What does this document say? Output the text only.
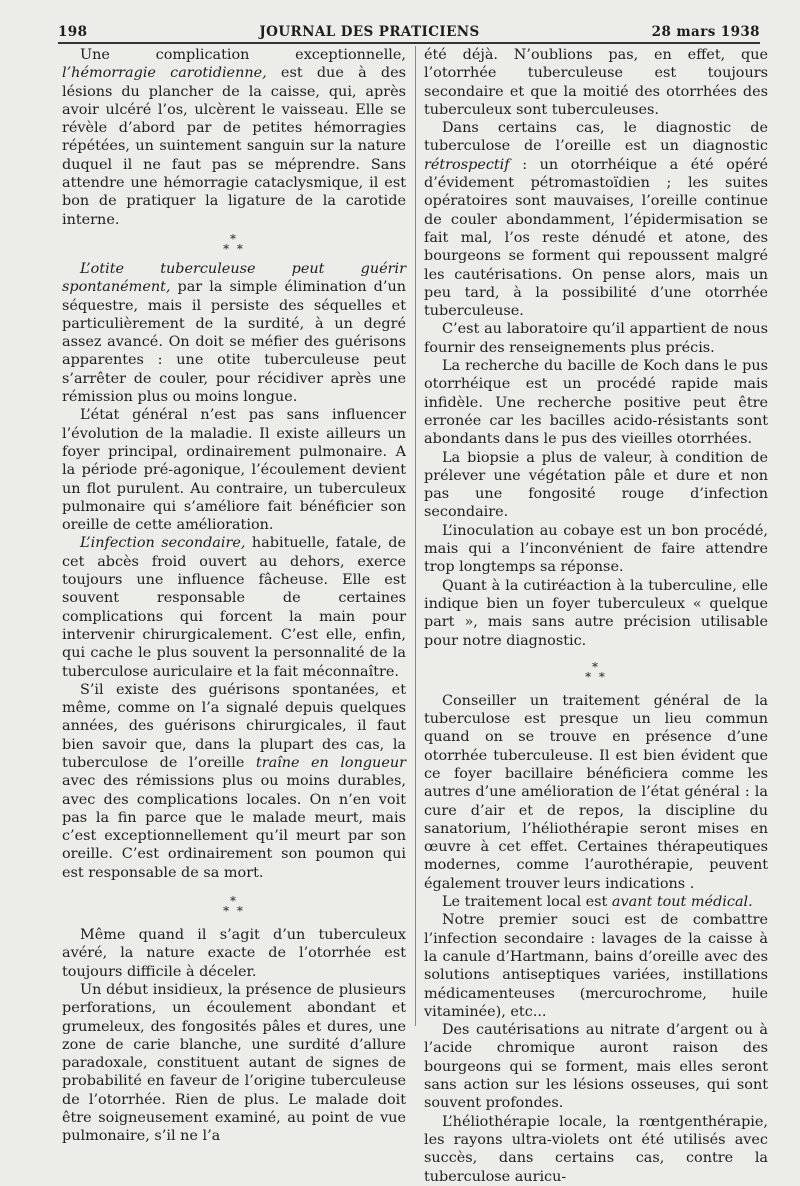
198	JOURNAL DES PRATICIENS	28 mars 1938

Une complication exceptionnelle, l’hémorragie carotidienne, est due à des lésions du plancher de la caisse, qui, après avoir ulcéré l’os, ulcèrent le vaisseau. Elle se révèle d’abord par de petites hémorragies répétées, un suintement sanguin sur la nature duquel il ne faut pas se méprendre. Sans attendre une hémorragie cataclysmique, il est bon de pratiquer la ligature de la carotide interne.

*
* *

L’otite tuberculeuse peut guérir spontanément, par la simple élimination d’un séquestre, mais il persiste des séquelles et particulièrement de la surdité, à un degré assez avancé. On doit se méfier des guérisons apparentes : une otite tuberculeuse peut s’arrêter de couler, pour récidiver après une rémission plus ou moins longue.

L’état général n’est pas sans influencer l’évolution de la maladie. Il existe ailleurs un foyer principal, ordinairement pulmonaire. A la période pré-agonique, l’écoulement devient un flot purulent. Au contraire, un tuberculeux pulmonaire qui s’améliore fait bénéficier son oreille de cette amélioration.

L’infection secondaire, habituelle, fatale, de cet abcès froid ouvert au dehors, exerce toujours une influence fâcheuse. Elle est souvent responsable de certaines complications qui forcent la main pour intervenir chirurgicalement. C’est elle, enfin, qui cache le plus souvent la personnalité de la tuberculose auriculaire et la fait méconnaître.

S’il existe des guérisons spontanées, et même, comme on l’a signalé depuis quelques années, des guérisons chirurgicales, il faut bien savoir que, dans la plupart des cas, la tuberculose de l’oreille traîne en longueur avec des rémissions plus ou moins durables, avec des complications locales. On n’en voit pas la fin parce que le malade meurt, mais c’est exceptionnellement qu’il meurt par son oreille. C’est ordinairement son poumon qui est responsable de sa mort.

*
* *

Même quand il s’agit d’un tuberculeux avéré, la nature exacte de l’otorrhée est toujours difficile à déceler.

Un début insidieux, la présence de plusieurs perforations, un écoulement abondant et grumeleux, des fongosités pâles et dures, une zone de carie blanche, une surdité d’allure paradoxale, constituent autant de signes de probabilité en faveur de l’origine tuberculeuse de l’otorrhée. Rien de plus. Le malade doit être soigneusement examiné, au point de vue pulmonaire, s’il ne l’a

été déjà. N’oublions pas, en effet, que l’otorrhée tuberculeuse est toujours secondaire et que la moitié des otorrhées des tuberculeux sont tuberculeuses.

Dans certains cas, le diagnostic de tuberculose de l’oreille est un diagnostic rétrospectif : un otorrhéique a été opéré d’évidement pétromastoïdien ; les suites opératoires sont mauvaises, l’oreille continue de couler abondamment, l’épidermisation se fait mal, l’os reste dénudé et atone, des bourgeons se forment qui repoussent malgré les cautérisations. On pense alors, mais un peu tard, à la possibilité d’une otorrhée tuberculeuse.

C’est au laboratoire qu’il appartient de nous fournir des renseignements plus précis.

La recherche du bacille de Koch dans le pus otorrhéique est un procédé rapide mais infidèle. Une recherche positive peut être erronée car les bacilles acido-résistants sont abondants dans le pus des vieilles otorrhées.

La biopsie a plus de valeur, à condition de prélever une végétation pâle et dure et non pas une fongosité rouge d’infection secondaire.

L’inoculation au cobaye est un bon procédé, mais qui a l’inconvénient de faire attendre trop longtemps sa réponse.

Quant à la cutiréaction à la tuberculine, elle indique bien un foyer tuberculeux « quelque part », mais sans autre précision utilisable pour notre diagnostic.

*
* *

Conseiller un traitement général de la tuberculose est presque un lieu commun quand on se trouve en présence d’une otorrhée tuberculeuse. Il est bien évident que ce foyer bacillaire bénéficiera comme les autres d’une amélioration de l’état général : la cure d’air et de repos, la discipline du sanatorium, l’héliothérapie seront mises en œuvre à cet effet. Certaines thérapeutiques modernes, comme l’aurothérapie, peuvent également trouver leurs indications .

Le traitement local est avant tout médical.

Notre premier souci est de combattre l’infection secondaire : lavages de la caisse à la canule d’Hartmann, bains d’oreille avec des solutions antiseptiques variées, instillations médicamenteuses (mercurochrome, huile vitaminée), etc...

Des cautérisations au nitrate d’argent ou à l’acide chromique auront raison des bourgeons qui se forment, mais elles seront sans action sur les lésions osseuses, qui sont souvent profondes.

L’héliothérapie locale, la rœntgenthérapie, les rayons ultra-violets ont été utilisés avec succès, dans certains cas, contre la tuberculose auricu-
